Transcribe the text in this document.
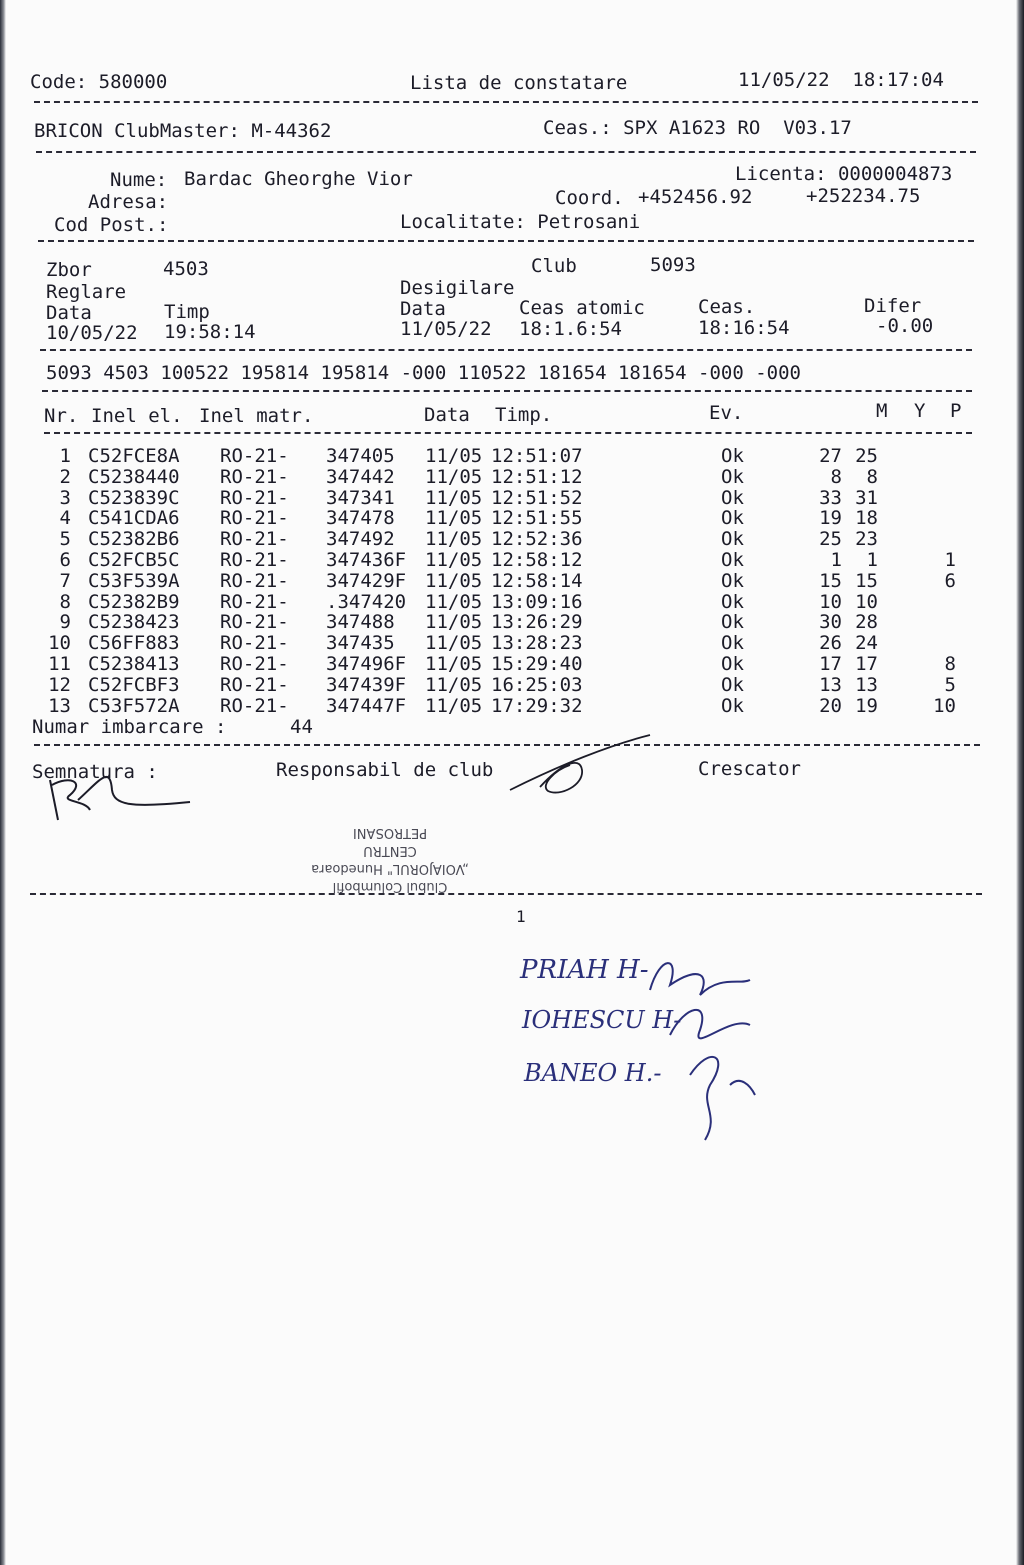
Code: 580000	Lista de constatare	11/05/22  18:17:04
BRICON ClubMaster: M-44362	Ceas.: SPX A1623 RO  V03.17
Nume: Bardac Gheorghe Vior	Licenta: 0000004873
Adresa:	Coord. +452456.92	+252234.75
Cod Post.:	Localitate: Petrosani
Zbor	4503	Club	5093
Reglare	Desigilare
Data	Timp	Data	Ceas atomic	Ceas.	Difer
10/05/22 19:58:14	11/05/22 18:1.6:54	18:16:54	-0.00
5093 4503 100522 195814 195814 -000 110522 181654 181654 -000 -000
Nr. Inel el. Inel matr.	Data Timp.	Ev.	M Y P
1 C52FCE8A RO-21- 347405 11/05 12:51:07	Ok	27 25
2 C5238440 RO-21- 347442 11/05 12:51:12	Ok	8	8
3 C523839C RO-21- 347341 11/05 12:51:52	Ok	33 31
4 C541CDA6 RO-21- 347478 11/05 12:51:55	Ok	19 18
5 C52382B6 RO-21- 347492 11/05 12:52:36	Ok	25 23
6 C52FCB5C RO-21- 347436F 11/05 12:58:12	Ok	1	1	1
7 C53F539A RO-21- 347429F 11/05 12:58:14	Ok	15 15	6
8 C52382B9 RO-21- .347420 11/05 13:09:16	Ok	10 10
9 C5238423 RO-21- 347488 11/05 13:26:29	Ok	30 28
10 C56FF883 RO-21- 347435 11/05 13:28:23	Ok	26 24
11 C5238413 RO-21- 347496F 11/05 15:29:40	Ok	17 17	8
12 C52FCBF3 RO-21- 347439F 11/05 16:25:03	Ok	13 13	5
13 C53F572A RO-21- 347447F 11/05 17:29:32	Ok	20 19	10
Numar imbarcare :	44
Semnatura :	Responsabil de club	Crescator
Clubul Columbofil
„VOIAJORUL" Hunedoara
CENTRU
PETROSANI
1
PRIAH H-
IOHESCU H-
BANEO H.-
